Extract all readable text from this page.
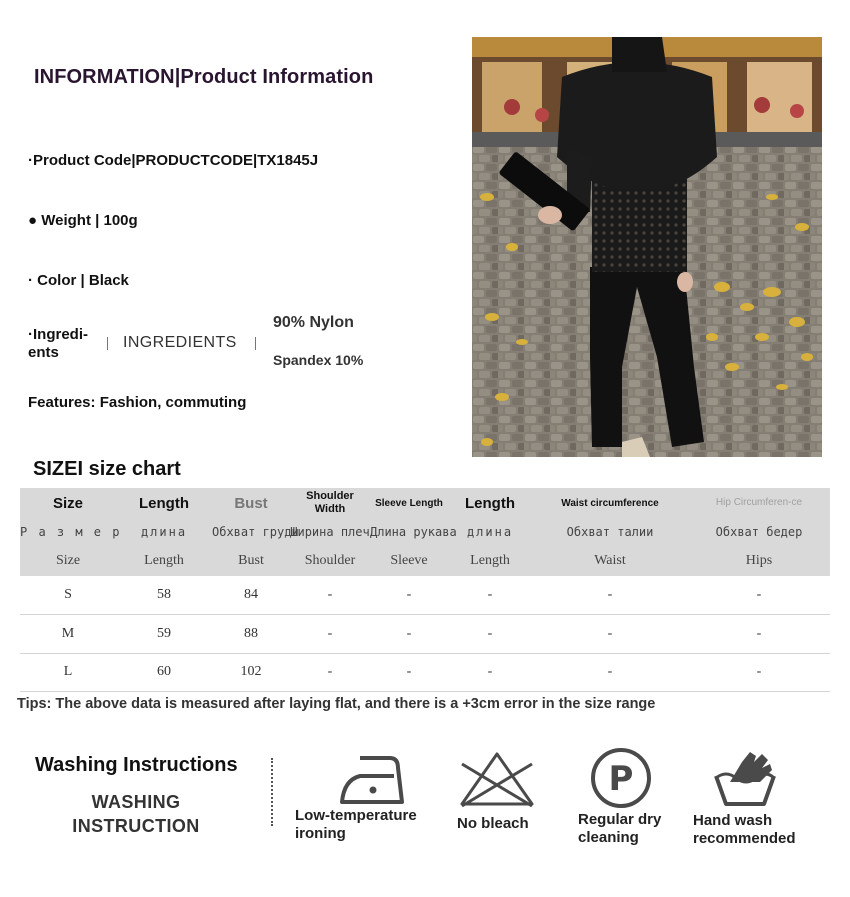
INFORMATION|Product Information
·Product Code|PRODUCTCODE|TX1845J
● Weight | 100g
· Color | Black
·Ingredi-
ents
INGREDIENTS
90% Nylon
Spandex 10%
Features: Fashion, commuting
SIZEI size chart
Size	Length	Bust	Shoulder Width	Sleeve Length	Length	Waist circumference	Hip Circumferen-ce
Р а з м е р	длина	Обхват груди	Ширина плеч	Длина рукава	длина	Обхват талии	Обхват бедер
Size	Length	Bust	Shoulder	Sleeve	Length	Waist	Hips
S	58	84	-	-	-	-	-
M	59	88	-	-	-	-	-
L	60	102	-	-	-	-	-
Tips: The above data is measured after laying flat, and there is a +3cm error in the size range
Washing Instructions
WASHING
INSTRUCTION
Low-temperature
ironing
No bleach
P
Regular dry
cleaning
Hand wash
recommended
